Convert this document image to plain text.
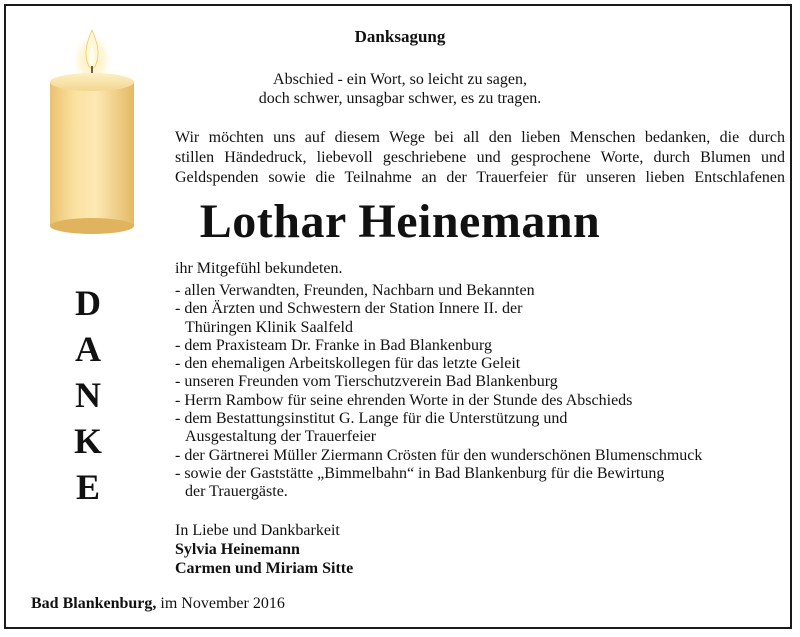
Danksagung
Abschied - ein Wort, so leicht zu sagen,
doch schwer, unsagbar schwer, es zu tragen.
Wir möchten uns auf diesem Wege bei all den lieben Menschen bedanken, die durch
stillen Händedruck, liebevoll geschriebene und gesprochene Worte, durch Blumen und
Geldspenden sowie die Teilnahme an der Trauerfeier für unseren lieben Entschlafenen
Lothar Heinemann
ihr Mitgefühl bekundeten.
D
A
N
K
E
- allen Verwandten, Freunden, Nachbarn und Bekannten
- den Ärzten und Schwestern der Station Innere II. der
Thüringen Klinik Saalfeld
- dem Praxisteam Dr. Franke in Bad Blankenburg
- den ehemaligen Arbeitskollegen für das letzte Geleit
- unseren Freunden vom Tierschutzverein Bad Blankenburg
- Herrn Rambow für seine ehrenden Worte in der Stunde des Abschieds
- dem Bestattungsinstitut G. Lange für die Unterstützung und
Ausgestaltung der Trauerfeier
- der Gärtnerei Müller Ziermann Crösten für den wunderschönen Blumenschmuck
- sowie der Gaststätte „Bimmelbahn“ in Bad Blankenburg für die Bewirtung
der Trauergäste.
In Liebe und Dankbarkeit
Sylvia Heinemann
Carmen und Miriam Sitte
Bad Blankenburg, im November 2016
